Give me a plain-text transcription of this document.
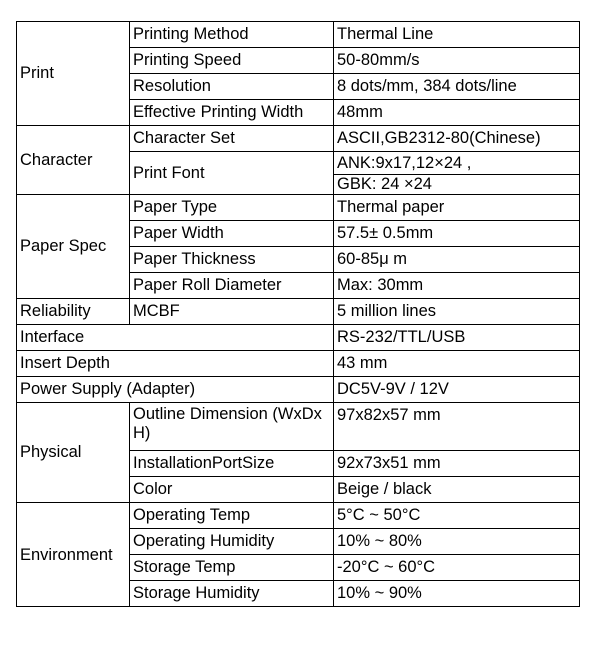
Print	Printing Method	Thermal Line
	Printing Speed	50-80mm/s
	Resolution	8 dots/mm, 384 dots/line
	Effective Printing Width	48mm
Character	Character Set	ASCII,GB2312-80(Chinese)
	Print Font	ANK:9x17,12×24 ,
		GBK: 24 ×24
Paper Spec	Paper Type	Thermal paper
	Paper Width	57.5± 0.5mm
	Paper Thickness	60-85μ m
	Paper Roll Diameter	Max: 30mm
Reliability	MCBF	5 million lines
Interface		RS-232/TTL/USB
Insert Depth		43 mm
Power Supply (Adapter)		DC5V-9V / 12V
Physical	Outline Dimension (WxDxH)	97x82x57 mm
	InstallationPortSize	92x73x51 mm
	Color	Beige / black
Environment	Operating Temp	5°C ~ 50°C
	Operating Humidity	10% ~ 80%
	Storage Temp	-20°C ~ 60°C
	Storage Humidity	10% ~ 90%
